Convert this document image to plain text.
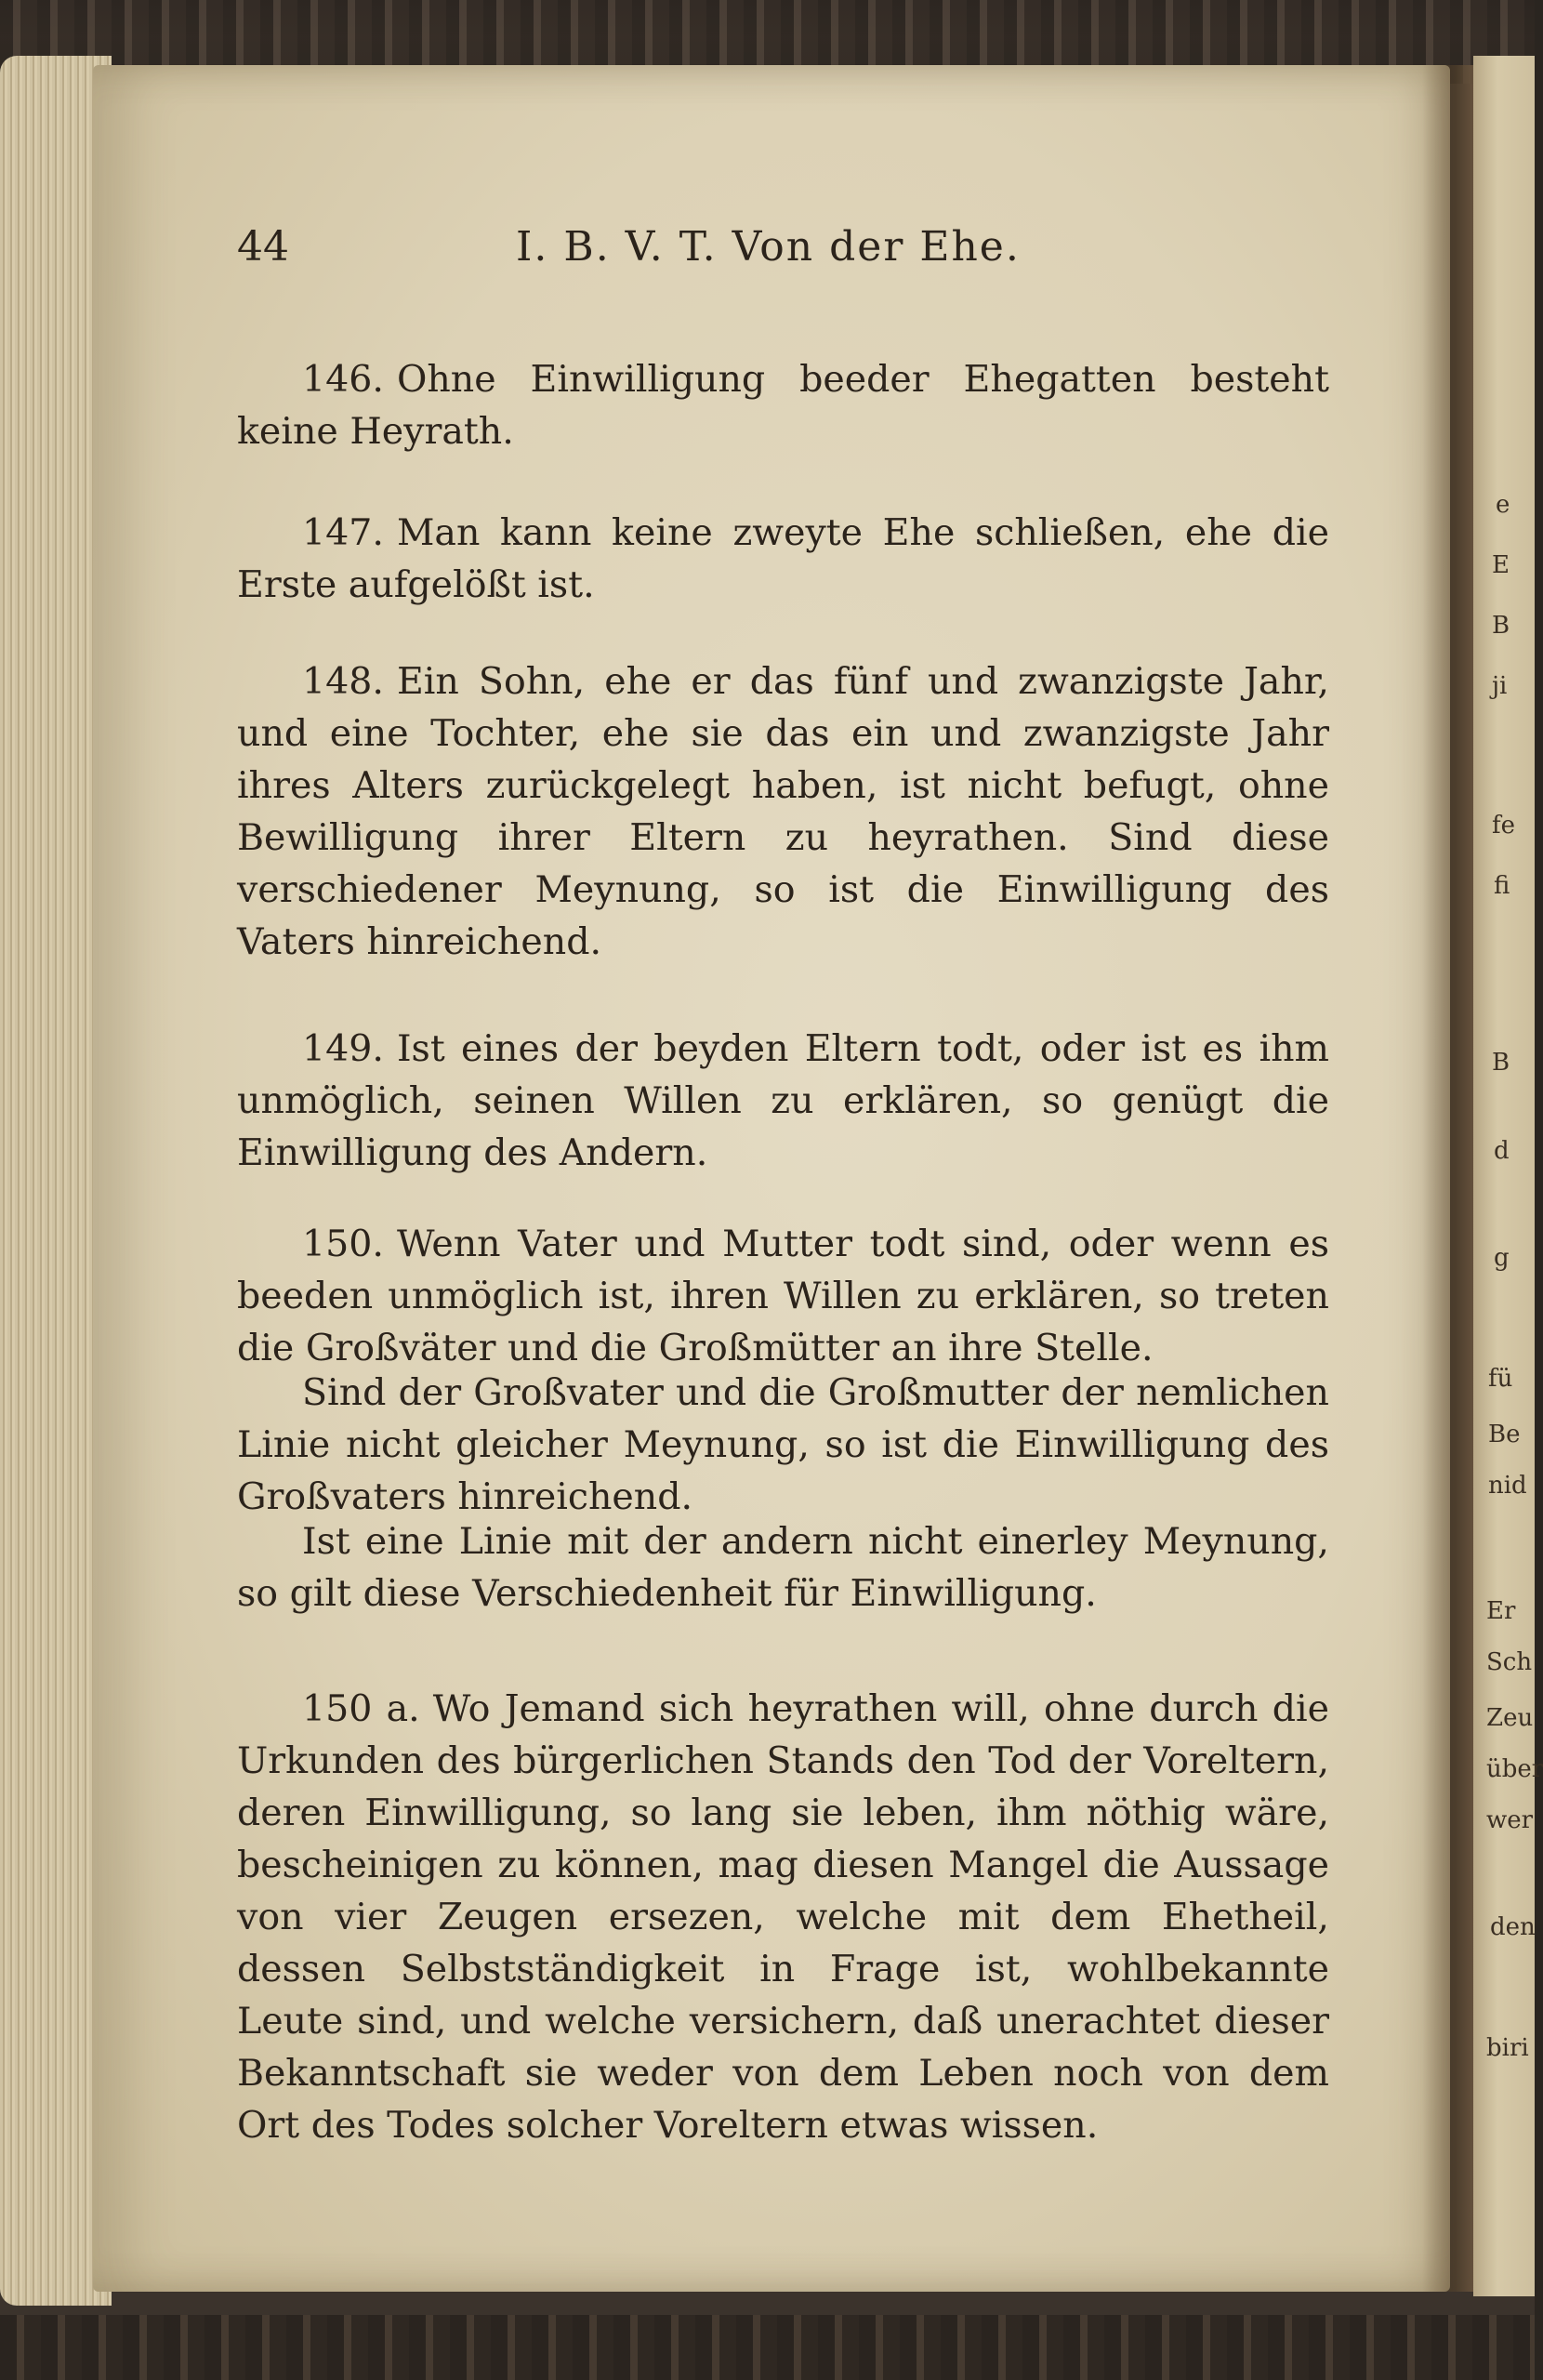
e
E
B
ji
fe
fi
B
d
g
fü
Be
nid
Er
Sch
Zeu
über
wer
den
biri
44	I. B. V. T. Von der Ehe.

146. Ohne Einwilligung beeder Ehegatten besteht keine Heyrath.

147. Man kann keine zweyte Ehe schließen, ehe die Erste aufgelößt ist.

148. Ein Sohn, ehe er das fünf und zwanzigste Jahr, und eine Tochter, ehe sie das ein und zwanzigste Jahr ihres Alters zurückgelegt haben, ist nicht befugt, ohne Bewilligung ihrer Eltern zu heyrathen. Sind diese verschiedener Meynung, so ist die Einwilligung des Vaters hinreichend.

149. Ist eines der beyden Eltern todt, oder ist es ihm unmöglich, seinen Willen zu erklären, so genügt die Einwilligung des Andern.

150. Wenn Vater und Mutter todt sind, oder wenn es beeden unmöglich ist, ihren Willen zu erklären, so treten die Großväter und die Großmütter an ihre Stelle.

Sind der Großvater und die Großmutter der nemlichen Linie nicht gleicher Meynung, so ist die Einwilligung des Großvaters hinreichend.

Ist eine Linie mit der andern nicht einerley Meynung, so gilt diese Verschiedenheit für Einwilligung.

150 a. Wo Jemand sich heyrathen will, ohne durch die Urkunden des bürgerlichen Stands den Tod der Voreltern, deren Einwilligung, so lang sie leben, ihm nöthig wäre, bescheinigen zu können, mag diesen Mangel die Aussage von vier Zeugen ersezen, welche mit dem Ehetheil, dessen Selbstständigkeit in Frage ist, wohlbekannte Leute sind, und welche versichern, daß unerachtet dieser Bekanntschaft sie weder von dem Leben noch von dem Ort des Todes solcher Voreltern etwas wissen.
